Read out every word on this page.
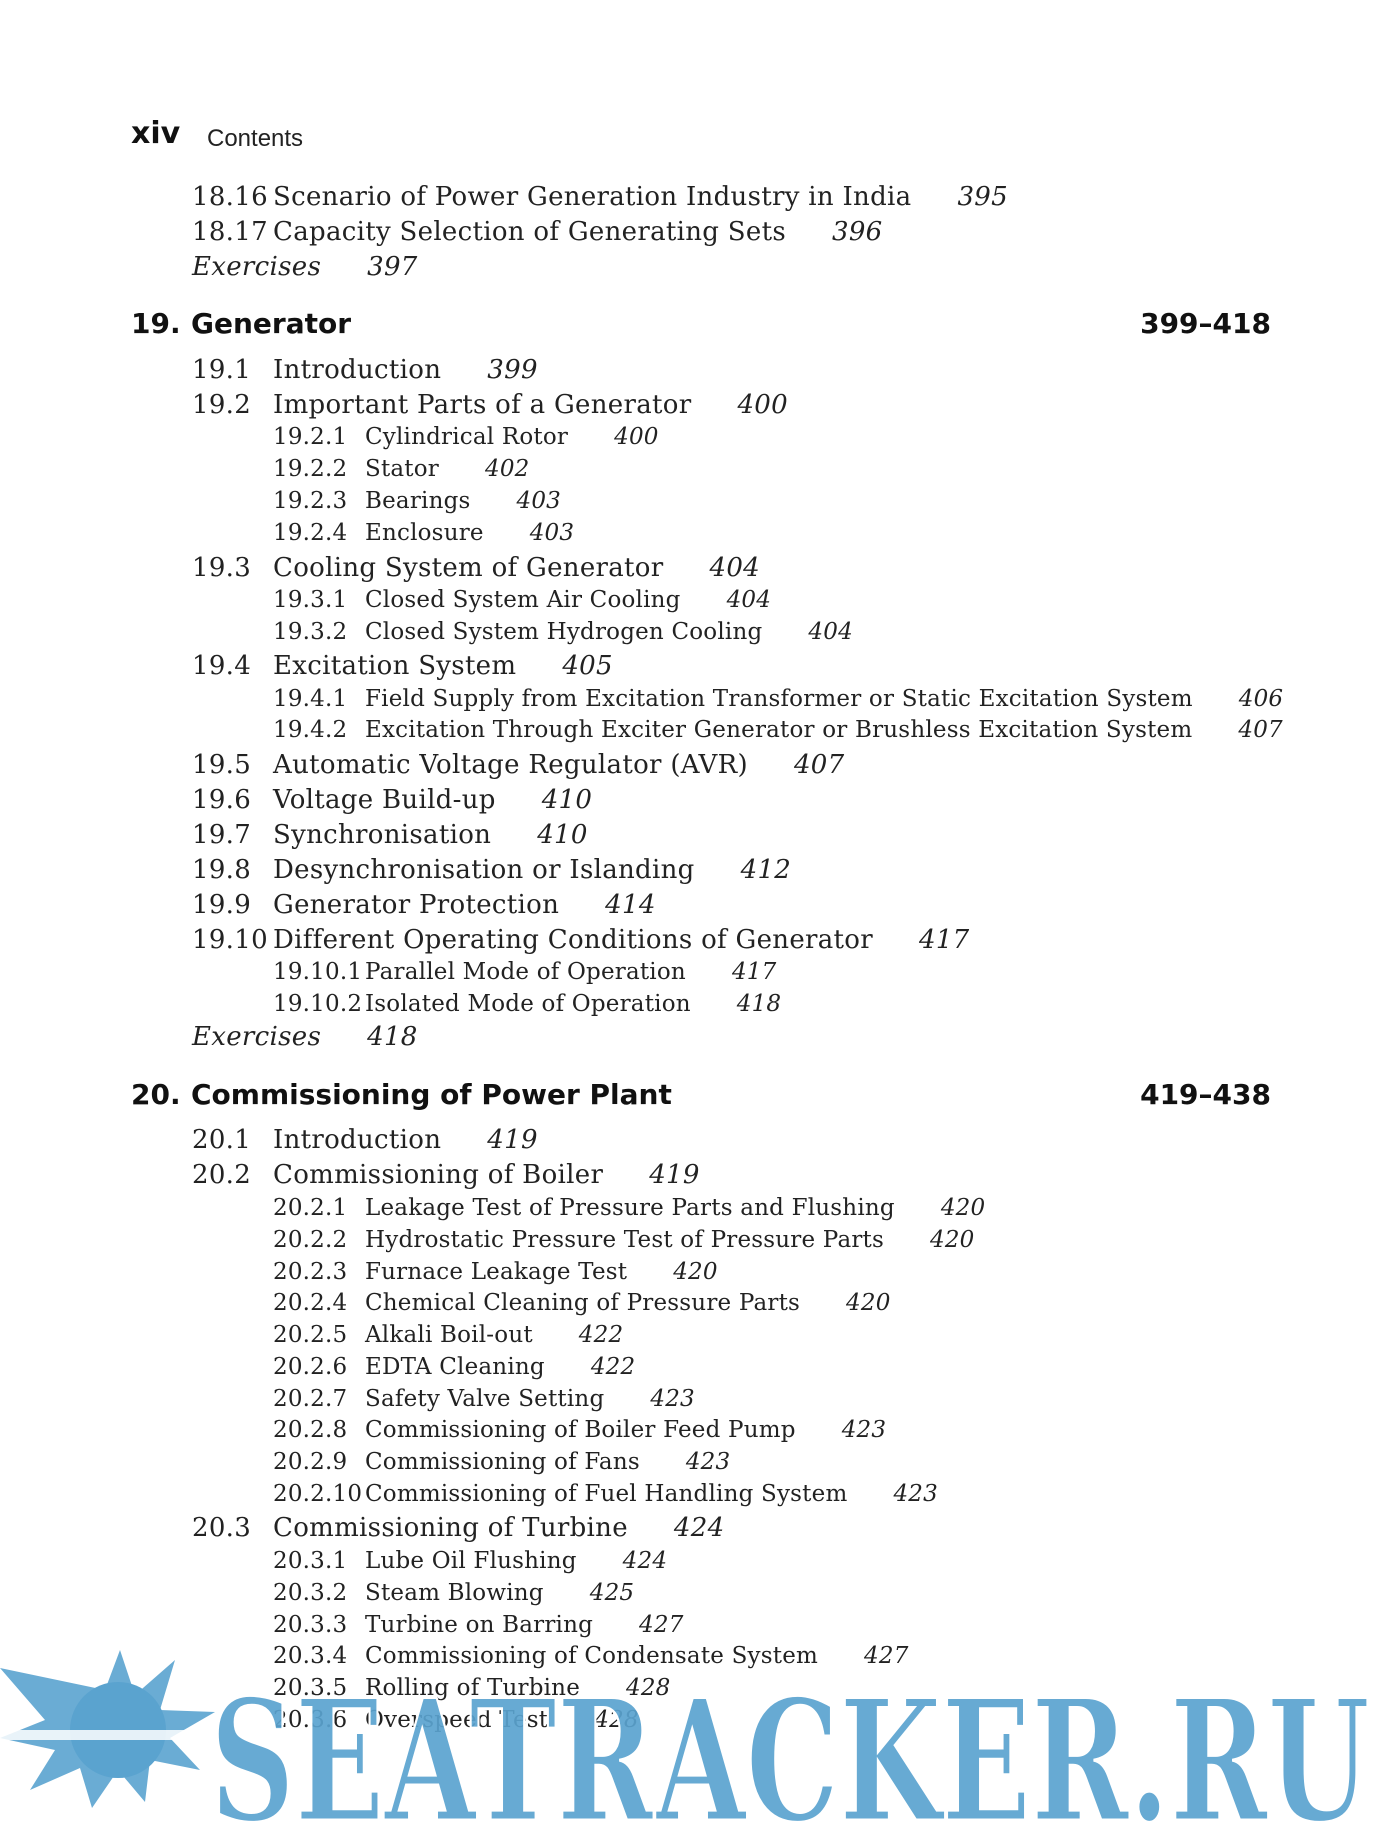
xiv Contents
18.16 Scenario of Power Generation Industry in India 395
18.17 Capacity Selection of Generating Sets 396
Exercises 397
19. Generator	399–418
19.1 Introduction 399
19.2 Important Parts of a Generator 400
19.2.1 Cylindrical Rotor 400
19.2.2 Stator 402
19.2.3 Bearings 403
19.2.4 Enclosure 403
19.3 Cooling System of Generator 404
19.3.1 Closed System Air Cooling 404
19.3.2 Closed System Hydrogen Cooling 404
19.4 Excitation System 405
19.4.1 Field Supply from Excitation Transformer or Static Excitation System 406
19.4.2 Excitation Through Exciter Generator or Brushless Excitation System 407
19.5 Automatic Voltage Regulator (AVR) 407
19.6 Voltage Build-up 410
19.7 Synchronisation 410
19.8 Desynchronisation or Islanding 412
19.9 Generator Protection 414
19.10 Different Operating Conditions of Generator 417
19.10.1 Parallel Mode of Operation 417
19.10.2 Isolated Mode of Operation 418
Exercises 418
20. Commissioning of Power Plant	419–438
20.1 Introduction 419
20.2 Commissioning of Boiler 419
20.2.1 Leakage Test of Pressure Parts and Flushing 420
20.2.2 Hydrostatic Pressure Test of Pressure Parts 420
20.2.3 Furnace Leakage Test 420
20.2.4 Chemical Cleaning of Pressure Parts 420
20.2.5 Alkali Boil-out 422
20.2.6 EDTA Cleaning 422
20.2.7 Safety Valve Setting 423
20.2.8 Commissioning of Boiler Feed Pump 423
20.2.9 Commissioning of Fans 423
20.2.10 Commissioning of Fuel Handling System 423
20.3 Commissioning of Turbine 424
20.3.1 Lube Oil Flushing 424
20.3.2 Steam Blowing 425
20.3.3 Turbine on Barring 427
20.3.4 Commissioning of Condensate System 427
20.3.5 Rolling of Turbine 428
20.3.6 Overspeed Test 428
SEATRACKER.RU
